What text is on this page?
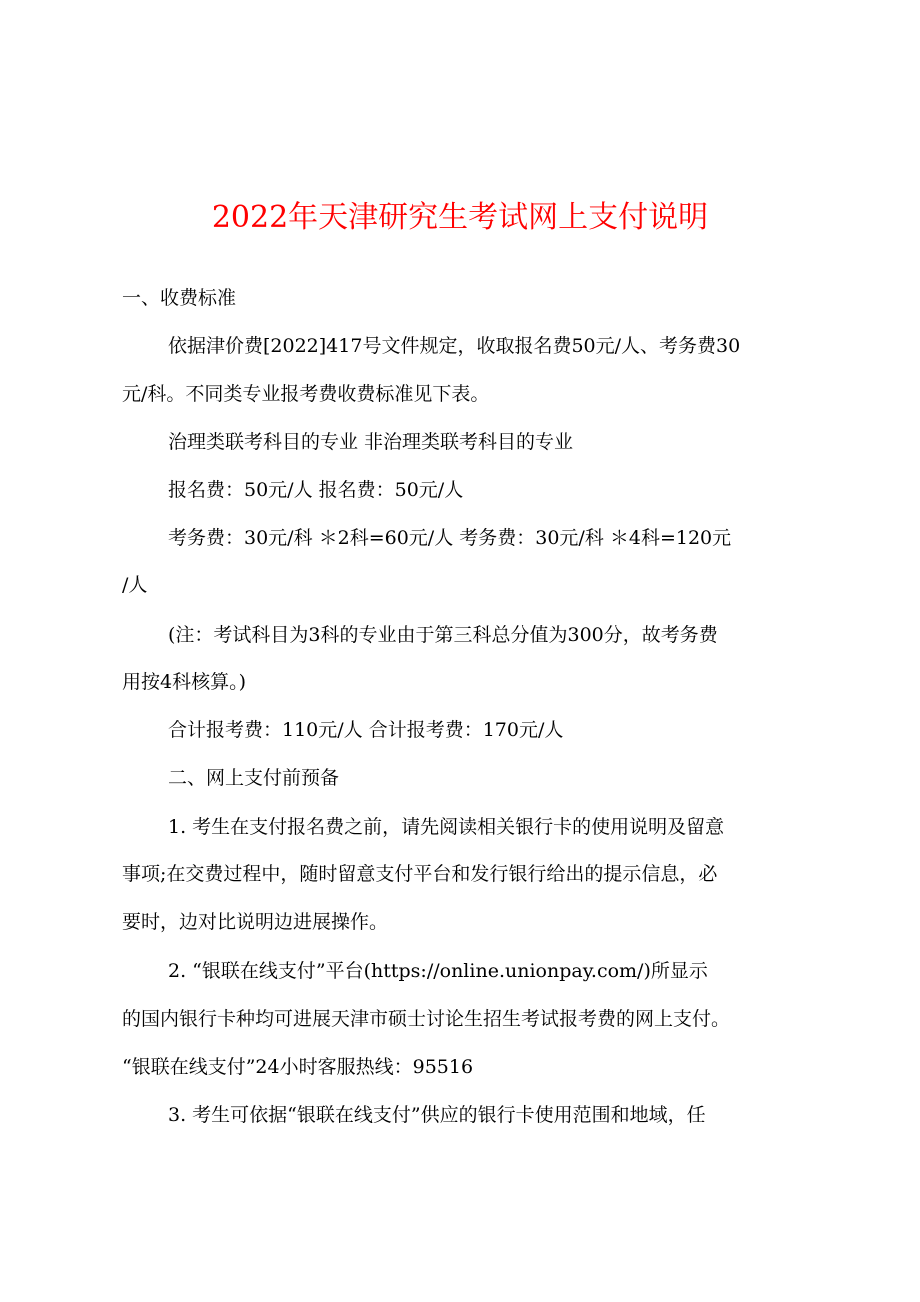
2022年天津研究生考试网上支付说明
一、收费标准
依据津价费[2022]417号文件规定，收取报名费50元/人、考务费30
元/科。不同类专业报考费收费标准见下表。
治理类联考科目的专业 非治理类联考科目的专业
报名费：50元/人 报名费：50元/人
考务费：30元/科 ＊2科=60元/人 考务费：30元/科 ＊4科=120元
/人
(注：考试科目为3科的专业由于第三科总分值为300分，故考务费
用按4科核算。)
合计报考费：110元/人 合计报考费：170元/人
二、网上支付前预备
1. 考生在支付报名费之前，请先阅读相关银行卡的使用说明及留意
事项;在交费过程中，随时留意支付平台和发行银行给出的提示信息，必
要时，边对比说明边进展操作。
2. “银联在线支付”平台(https://online.unionpay.com/)所显示
的国内银行卡种均可进展天津市硕士讨论生招生考试报考费的网上支付。
“银联在线支付”24小时客服热线：95516
3. 考生可依据“银联在线支付”供应的银行卡使用范围和地域，任
